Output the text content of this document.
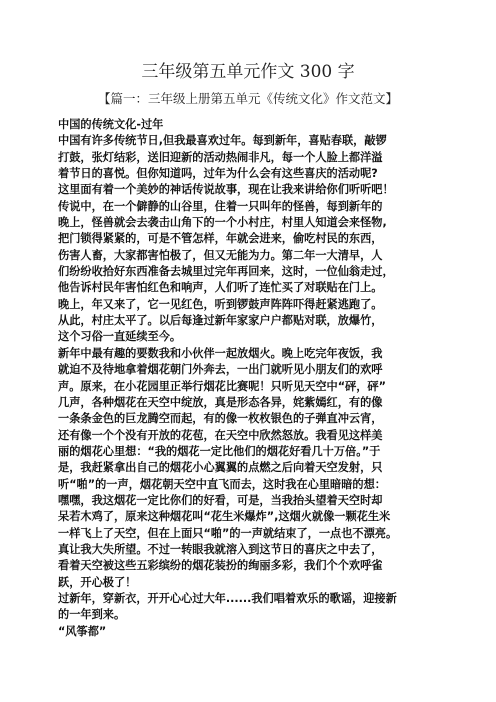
三年级第五单元作文 300 字
【篇一：三年级上册第五单元《传统文化》作文范文】
中国的传统文化-过年
中国有许多传统节日,但我最喜欢过年。每到新年，喜贴春联，敲锣
打鼓，张灯结彩，送旧迎新的活动热闹非凡，每一个人脸上都洋溢
着节日的喜悦。但你知道吗，过年为什么会有这些喜庆的活动呢?
这里面有着一个美妙的神话传说故事，现在让我来讲给你们听听吧！
传说中，在一个僻静的山谷里，住着一只叫年的怪兽，每到新年的
晚上，怪兽就会去袭击山角下的一个小村庄，村里人知道会来怪物,
把门锁得紧紧的，可是不管怎样，年就会进来，偷吃村民的东西，
伤害人畜，大家都害怕极了，但又无能为力。第二年一大清早，人
们纷纷收拾好东西准备去城里过完年再回来，这时，一位仙翁走过，
他告诉村民年害怕红色和响声，人们听了连忙买了对联贴在门上。
晚上，年又来了，它一见红色，听到锣鼓声阵阵吓得赶紧逃跑了。
从此，村庄太平了。以后每逢过新年家家户户都贴对联，放爆竹，
这个习俗一直延续至今。
新年中最有趣的要数我和小伙伴一起放烟火。晚上吃完年夜饭，我
就迫不及待地拿着烟花朝门外奔去，一出门就听见小朋友们的欢呼
声。原来，在小花园里正举行烟花比赛呢！只听见天空中“砰，砰”
几声，各种烟花在天空中绽放，真是形态各异，姹紫嫣红，有的像
一条条金色的巨龙腾空而起，有的像一枚枚银色的子弹直冲云宵，
还有像一个个没有开放的花苞，在天空中欣然怒放。我看见这样美
丽的烟花心里想：“我的烟花一定比他们的烟花好看几十万倍。”于
是，我赶紧拿出自己的烟花小心翼翼的点燃之后向着天空发射，只
听“啪”的一声，烟花朝天空中直飞而去，这时我在心里暗暗的想：
嘿嘿，我这烟花一定比你们的好看，可是，当我抬头望着天空时却
呆若木鸡了，原来这种烟花叫“花生米爆炸”,这烟火就像一颗花生米
一样飞上了天空，但在上面只“啪”的一声就结束了，一点也不漂亮。
真让我大失所望。不过一转眼我就溶入到这节日的喜庆之中去了，
看着天空被这些五彩缤纷的烟花装扮的绚丽多彩，我们个个欢呼雀
跃，开心极了！
过新年，穿新衣，开开心心过大年......我们唱着欢乐的歌谣，迎接新
的一年到来。
“风筝都”
